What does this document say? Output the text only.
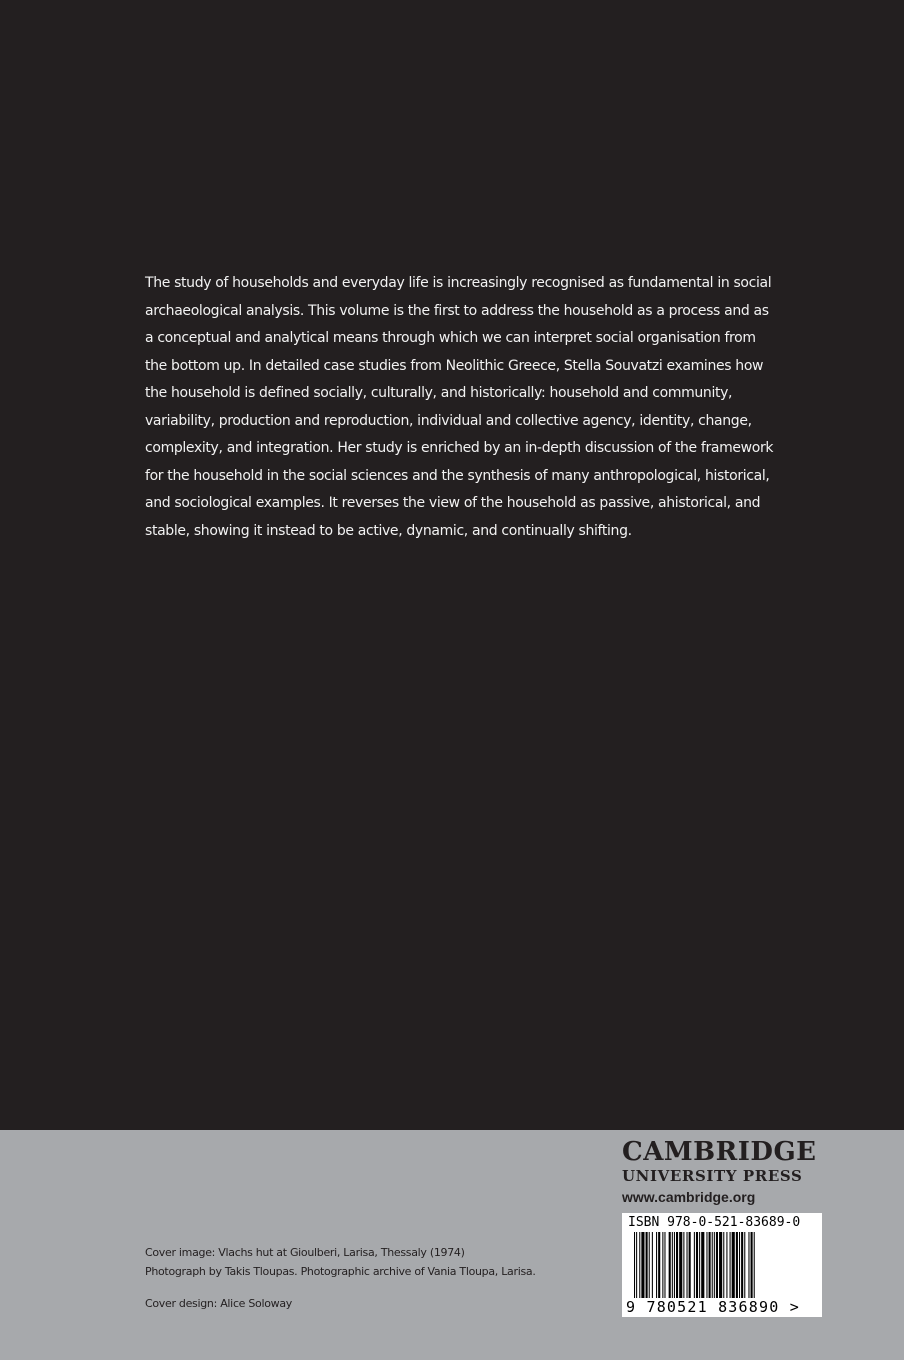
The study of households and everyday life is increasingly recognised as fundamental in social
archaeological analysis. This volume is the first to address the household as a process and as
a conceptual and analytical means through which we can interpret social organisation from
the bottom up. In detailed case studies from Neolithic Greece, Stella Souvatzi examines how
the household is defined socially, culturally, and historically: household and community,
variability, production and reproduction, individual and collective agency, identity, change,
complexity, and integration. Her study is enriched by an in-depth discussion of the framework
for the household in the social sciences and the synthesis of many anthropological, historical,
and sociological examples. It reverses the view of the household as passive, ahistorical, and
stable, showing it instead to be active, dynamic, and continually shifting.

Cover image: Vlachs hut at Gioulberi, Larisa, Thessaly (1974)
Photograph by Takis Tloupas. Photographic archive of Vania Tloupa, Larisa.
Cover design: Alice Soloway
CAMBRIDGE
UNIVERSITY PRESS
www.cambridge.org
ISBN 978-0-521-83689-0
9 780521 836890 >
